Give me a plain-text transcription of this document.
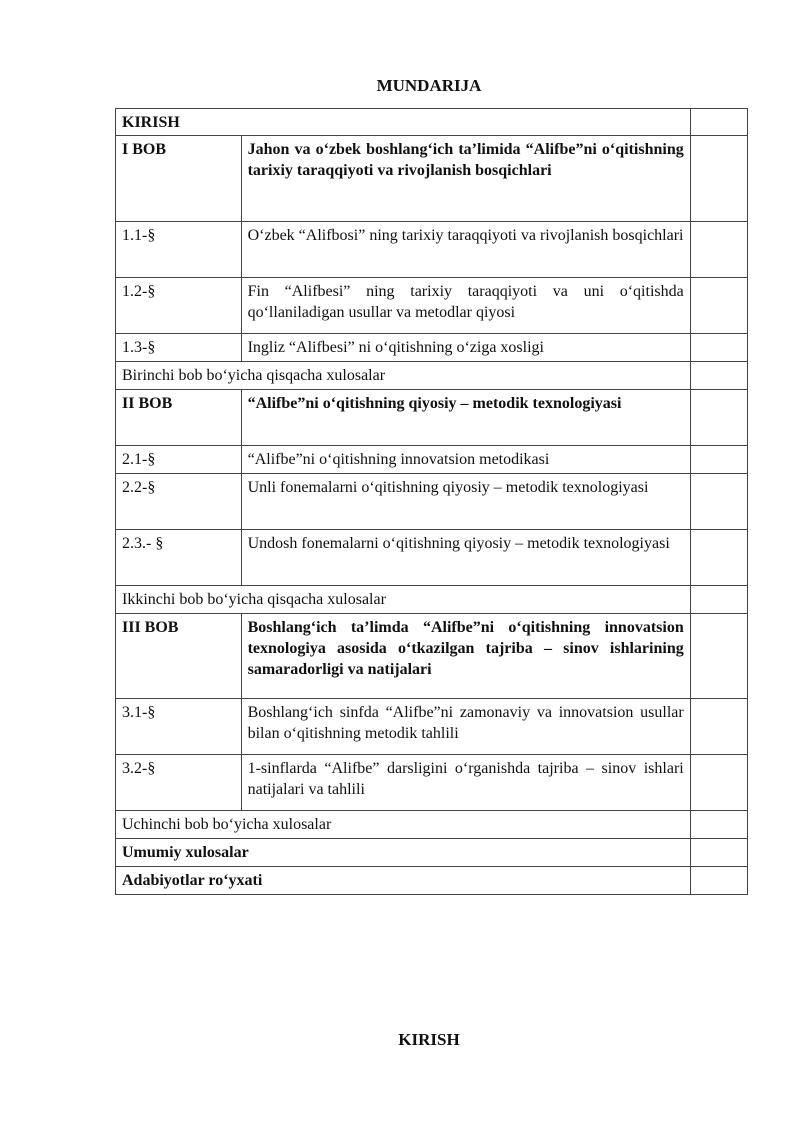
MUNDARIJA
KIRISH		
I BOB	Jahon va o‘zbek boshlang‘ich ta’limida “Alifbe”ni o‘qitishning tarixiy taraqqiyoti va rivojlanish bosqichlari	
1.1-§	O‘zbek “Alifbosi” ning tarixiy taraqqiyoti va rivojlanish bosqichlari	
1.2-§	Fin “Alifbesi” ning tarixiy taraqqiyoti va uni o‘qitishda qo‘llaniladigan usullar va metodlar qiyosi	
1.3-§	Ingliz “Alifbesi” ni o‘qitishning o‘ziga xosligi	
Birinchi bob bo‘yicha qisqacha xulosalar		
II BOB	“Alifbe”ni o‘qitishning qiyosiy – metodik texnologiyasi	
2.1-§	“Alifbe”ni o‘qitishning innovatsion metodikasi	
2.2-§	Unli fonemalarni o‘qitishning qiyosiy – metodik texnologiyasi	
2.3.- §	Undosh fonemalarni o‘qitishning qiyosiy – metodik texnologiyasi	
Ikkinchi bob bo‘yicha qisqacha xulosalar		
III BOB	Boshlang‘ich ta’limda “Alifbe”ni o‘qitishning innovatsion texnologiya asosida o‘tkazilgan tajriba – sinov ishlarining samaradorligi va natijalari	
3.1-§	Boshlang‘ich sinfda “Alifbe”ni zamonaviy va innovatsion usullar bilan o‘qitishning metodik tahlili	
3.2-§	1-sinflarda “Alifbe” darsligini o‘rganishda tajriba – sinov ishlari natijalari va tahlili	
Uchinchi bob bo‘yicha xulosalar		
Umumiy xulosalar		
Adabiyotlar ro‘yxati		
KIRISH
